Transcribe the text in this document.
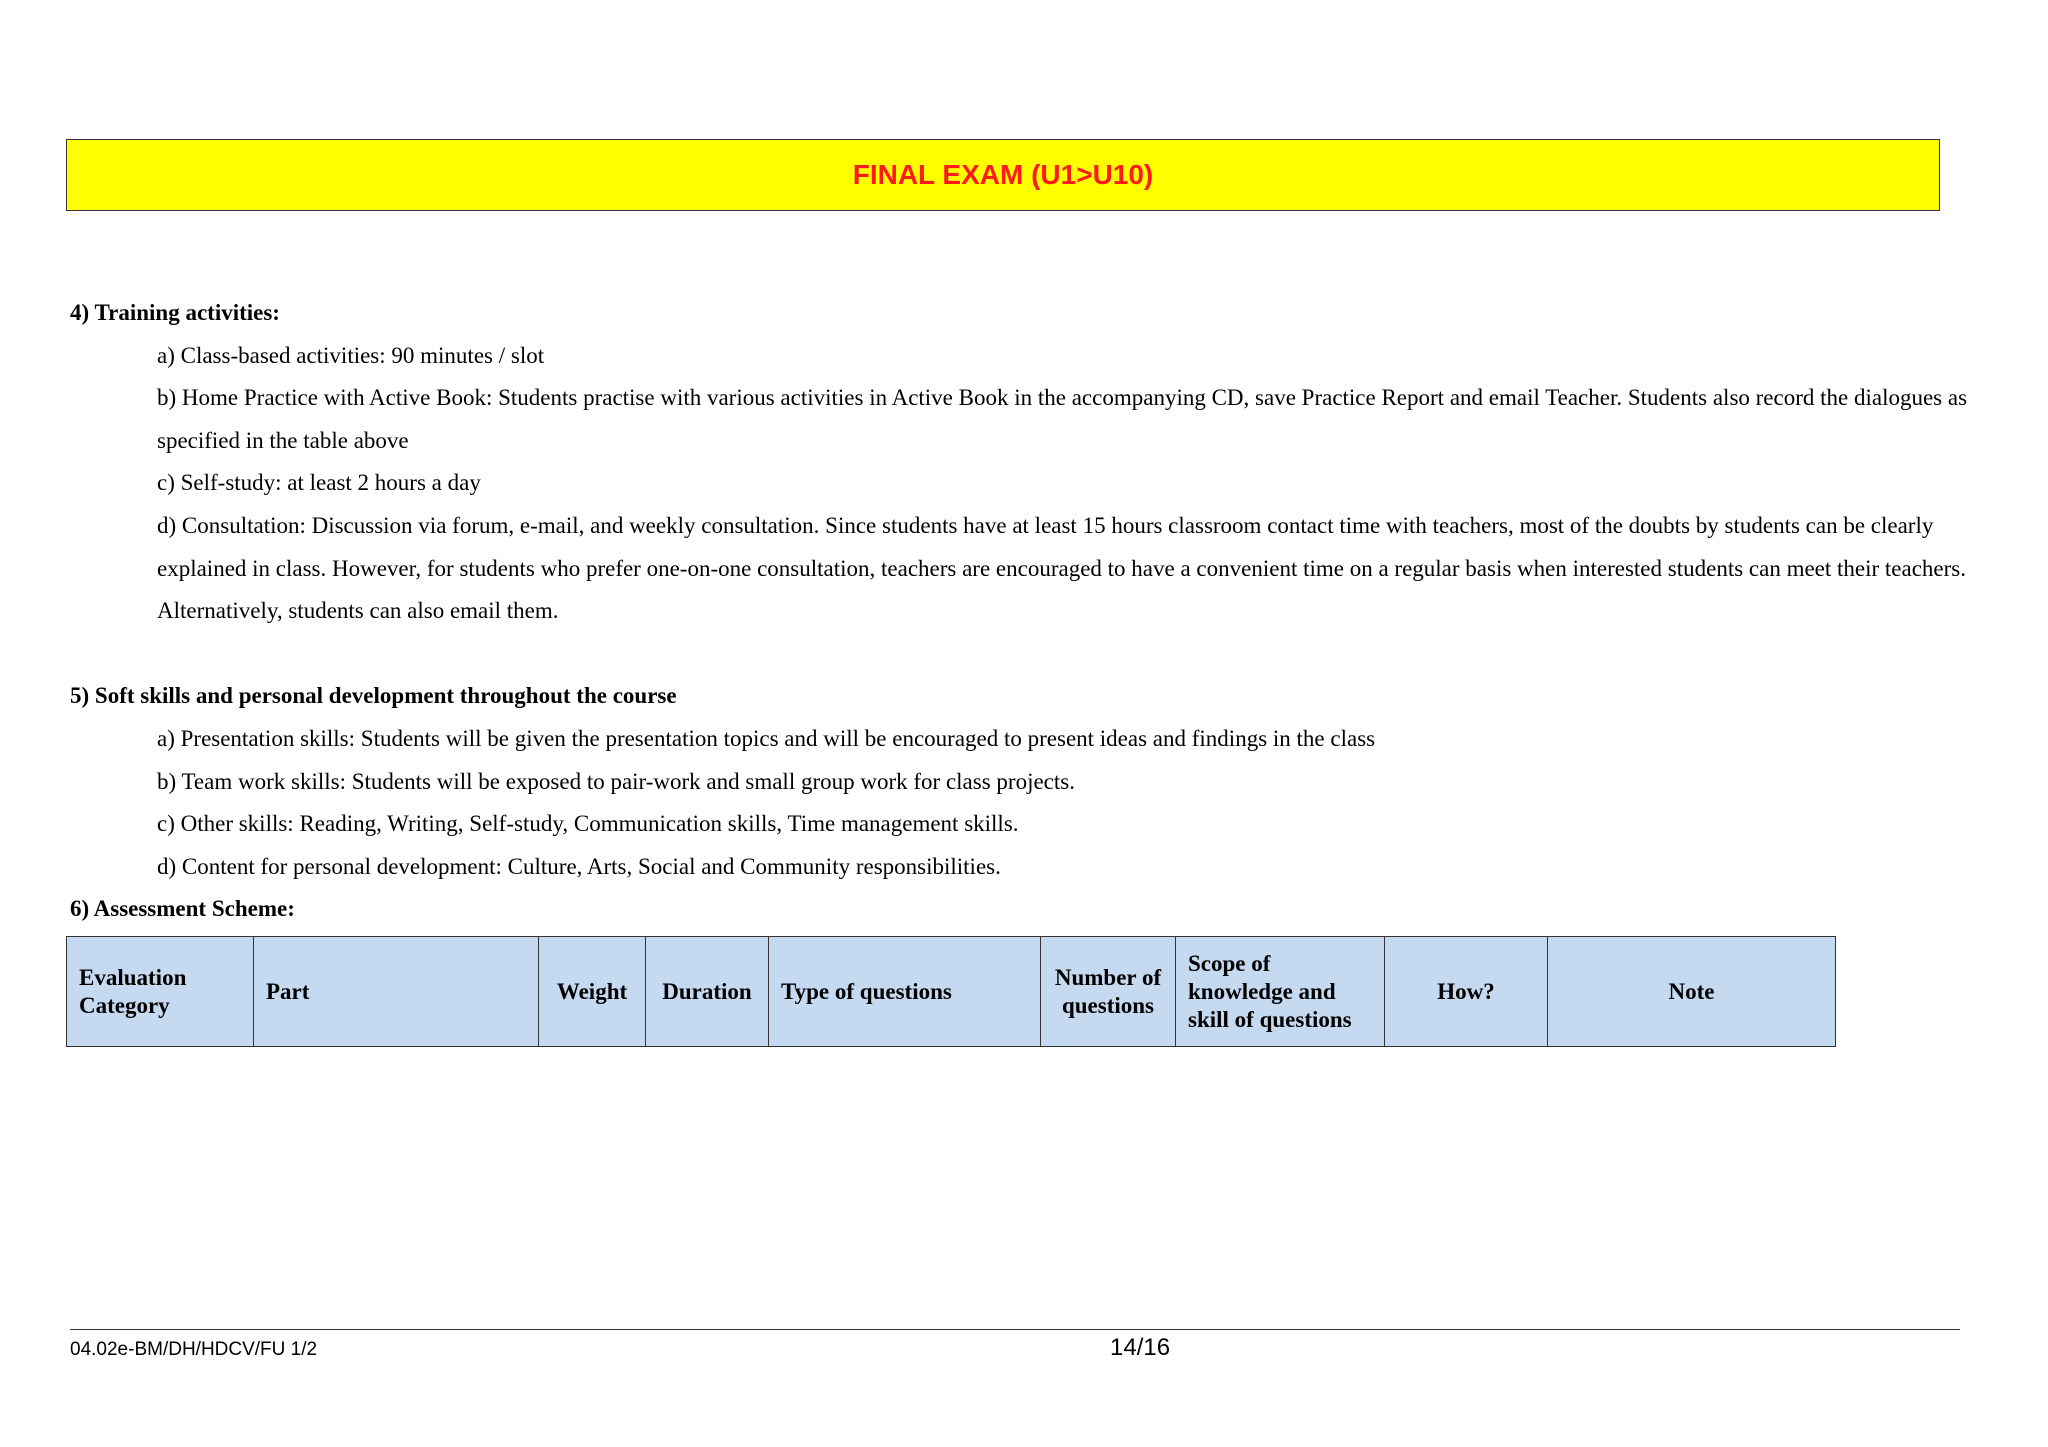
FINAL EXAM (U1>U10)

4) Training activities:

a) Class-based activities: 90 minutes / slot

b) Home Practice with Active Book: Students practise with various activities in Active Book in the accompanying CD, save Practice Report and email Teacher. Students also record the dialogues as specified in the table above

c) Self-study: at least 2 hours a day

d) Consultation: Discussion via forum, e-mail, and weekly consultation. Since students have at least 15 hours classroom contact time with teachers, most of the doubts by students can be clearly explained in class. However, for students who prefer one-on-one consultation, teachers are encouraged to have a convenient time on a regular basis when interested students can meet their teachers. Alternatively, students can also email them.

5) Soft skills and personal development throughout the course

a) Presentation skills: Students will be given the presentation topics and will be encouraged to present ideas and findings in the class

b) Team work skills: Students will be exposed to pair-work and small group work for class projects.

c) Other skills: Reading, Writing, Self-study, Communication skills, Time management skills.

d) Content for personal development: Culture, Arts, Social and Community responsibilities.

6) Assessment Scheme:

Evaluation Category	Part	Weight	Duration	Type of questions	Number of questions	Scope of knowledge and skill of questions	How?	Note
04.02e-BM/DH/HDCV/FU 1/2	14/16
